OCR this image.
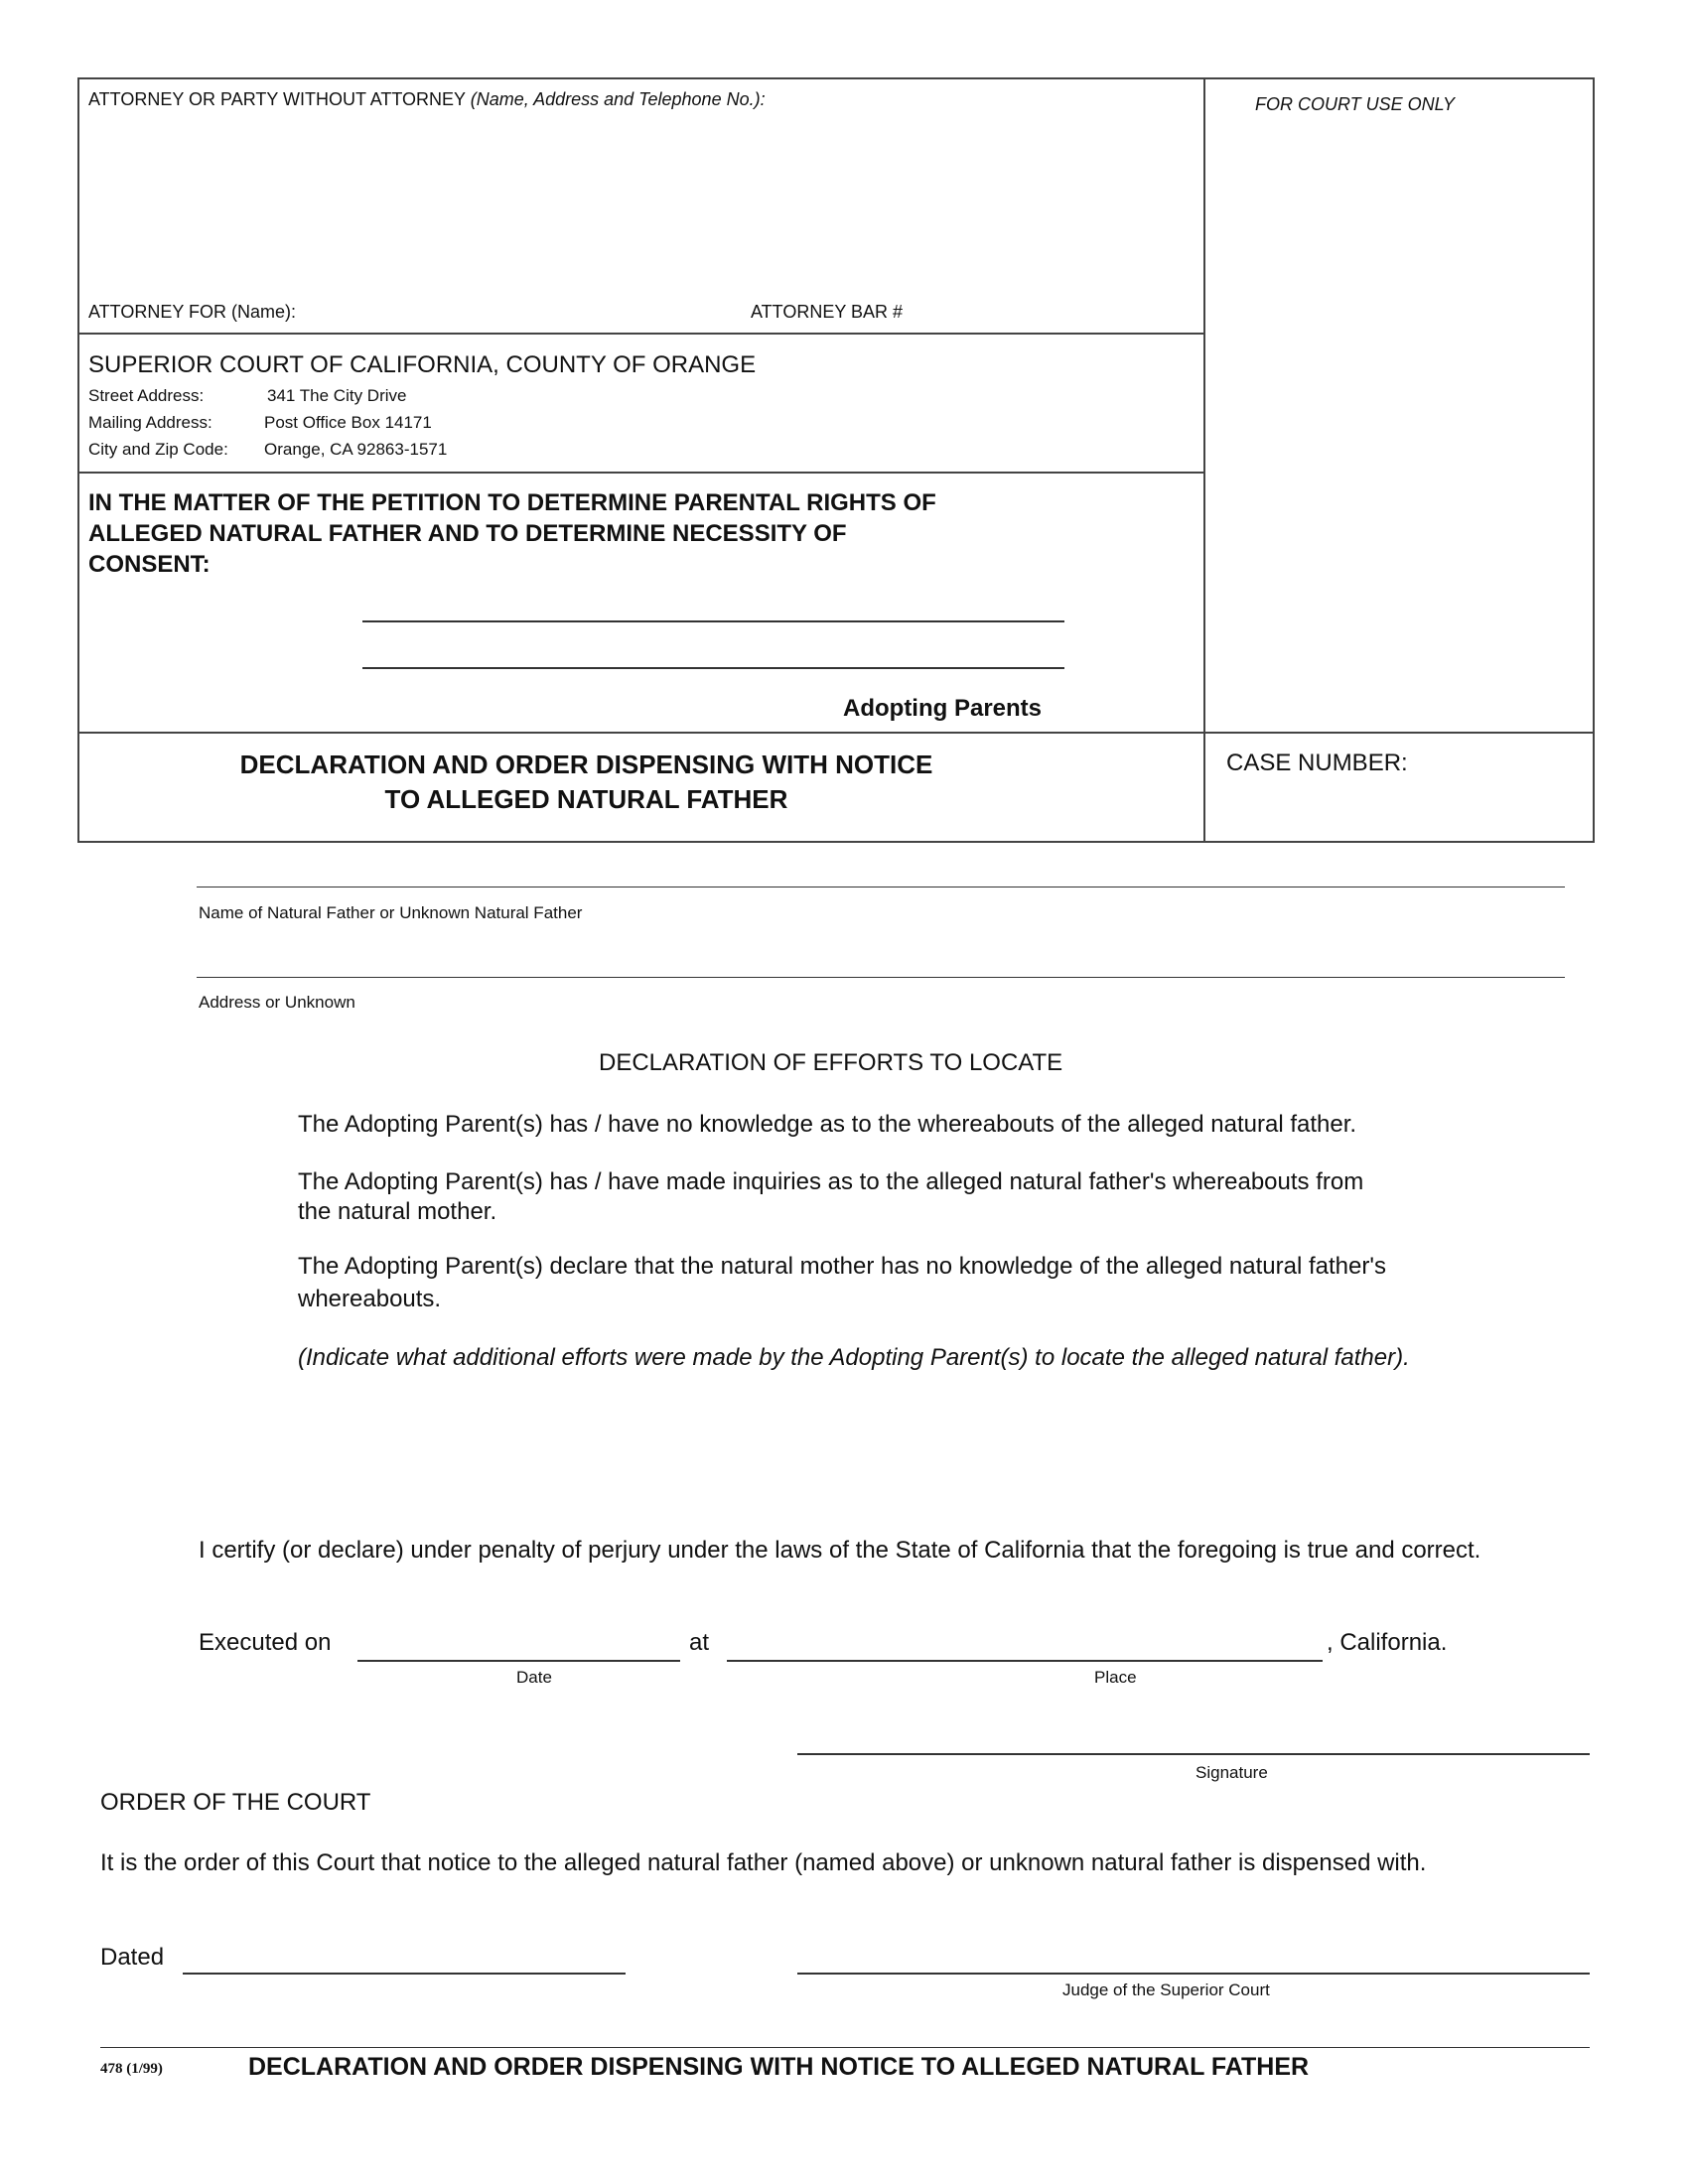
ATTORNEY OR PARTY WITHOUT ATTORNEY (Name, Address and Telephone No.):	FOR COURT USE ONLY
ATTORNEY FOR (Name):	ATTORNEY BAR #
SUPERIOR COURT OF CALIFORNIA, COUNTY OF ORANGE
Street Address:	341 The City Drive
Mailing Address:	Post Office Box 14171
City and Zip Code: Orange, CA 92863-1571
IN THE MATTER OF THE PETITION TO DETERMINE PARENTAL RIGHTS OF
ALLEGED NATURAL FATHER AND TO DETERMINE NECESSITY OF
CONSENT:
Adopting Parents
DECLARATION AND ORDER DISPENSING WITH NOTICE
TO ALLEGED NATURAL FATHER
CASE NUMBER:
Name of Natural Father or Unknown Natural Father
Address or Unknown
DECLARATION OF EFFORTS TO LOCATE
The Adopting Parent(s) has / have no knowledge as to the whereabouts of the alleged natural father.
The Adopting Parent(s) has / have made inquiries as to the alleged natural father's whereabouts from
the natural mother.
The Adopting Parent(s) declare that the natural mother has no knowledge of the alleged natural father's
whereabouts.
(Indicate what additional efforts were made by the Adopting Parent(s) to locate the alleged natural father).
I certify (or declare) under penalty of perjury under the laws of the State of California that the foregoing is true and correct.
Executed on	at	, California.
Date	Place
Signature
ORDER OF THE COURT
It is the order of this Court that notice to the alleged natural father (named above) or unknown natural father is dispensed with.
Dated
Judge of the Superior Court
478 (1/99)	DECLARATION AND ORDER DISPENSING WITH NOTICE TO ALLEGED NATURAL FATHER
